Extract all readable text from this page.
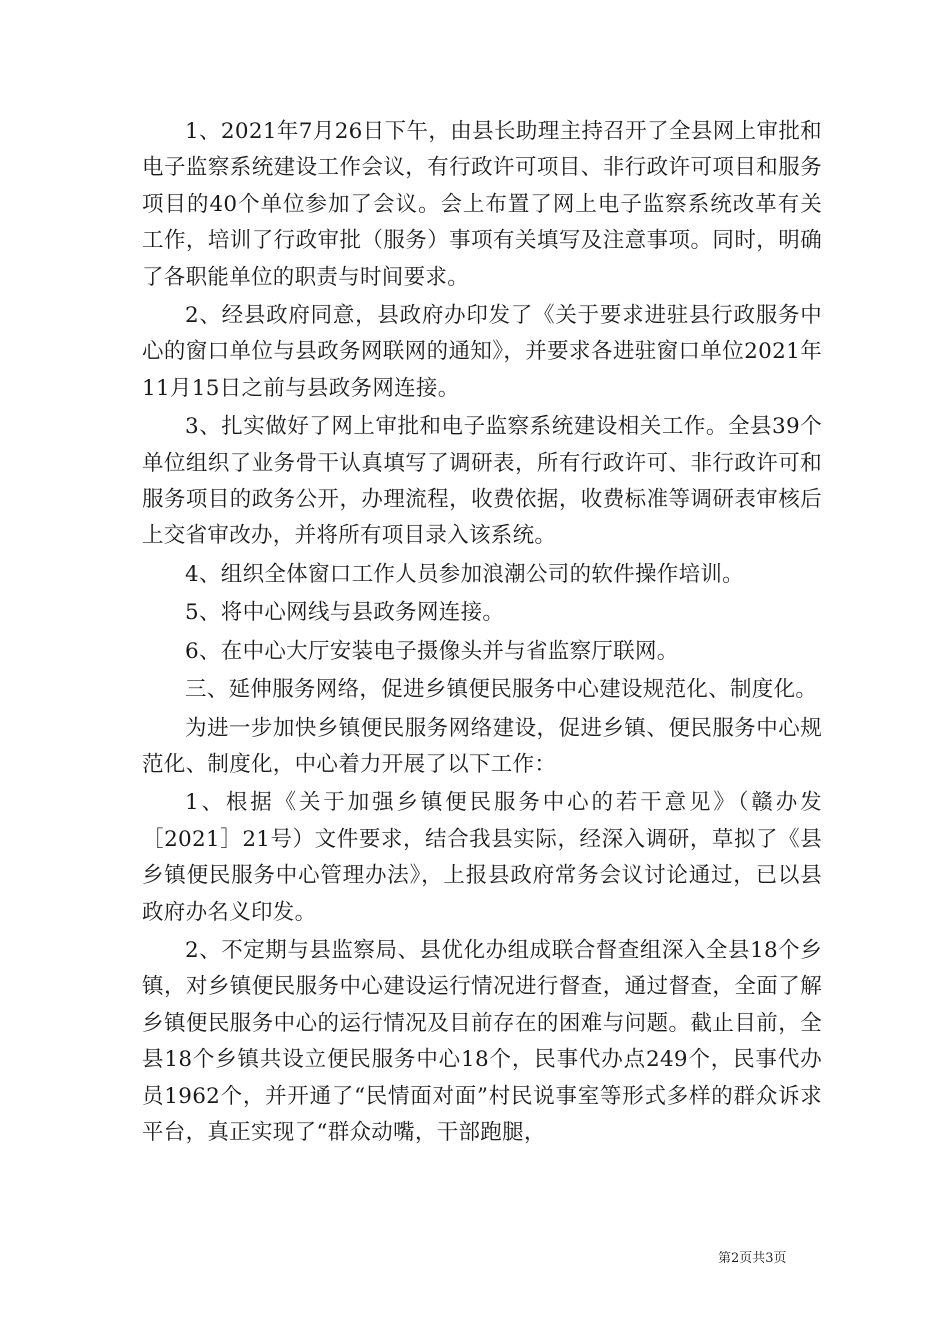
1、2021年7月26日下午，由县长助理主持召开了全县网上审批和电子监察系统建设工作会议，有行政许可项目、非行政许可项目和服务项目的40个单位参加了会议。会上布置了网上电子监察系统改革有关工作，培训了行政审批（服务）事项有关填写及注意事项。同时，明确了各职能单位的职责与时间要求。

2、经县政府同意，县政府办印发了《关于要求进驻县行政服务中心的窗口单位与县政务网联网的通知》，并要求各进驻窗口单位2021年11月15日之前与县政务网连接。

3、扎实做好了网上审批和电子监察系统建设相关工作。全县39个单位组织了业务骨干认真填写了调研表，所有行政许可、非行政许可和服务项目的政务公开，办理流程，收费依据，收费标准等调研表审核后上交省审改办，并将所有项目录入该系统。

4、组织全体窗口工作人员参加浪潮公司的软件操作培训。

5、将中心网线与县政务网连接。

6、在中心大厅安装电子摄像头并与省监察厅联网。

三、延伸服务网络，促进乡镇便民服务中心建设规范化、制度化。

为进一步加快乡镇便民服务网络建设，促进乡镇、便民服务中心规范化、制度化，中心着力开展了以下工作：

1、根据《关于加强乡镇便民服务中心的若干意见》（赣办发［2021］21号）文件要求，结合我县实际，经深入调研，草拟了《县乡镇便民服务中心管理办法》，上报县政府常务会议讨论通过，已以县政府办名义印发。

2、不定期与县监察局、县优化办组成联合督查组深入全县18个乡镇，对乡镇便民服务中心建设运行情况进行督查，通过督查，全面了解乡镇便民服务中心的运行情况及目前存在的困难与问题。截止目前，全县18个乡镇共设立便民服务中心18个，民事代办点249个，民事代办员1962个，并开通了“民情面对面”村民说事室等形式多样的群众诉求平台，真正实现了“群众动嘴，干部跑腿，

第2页共3页
